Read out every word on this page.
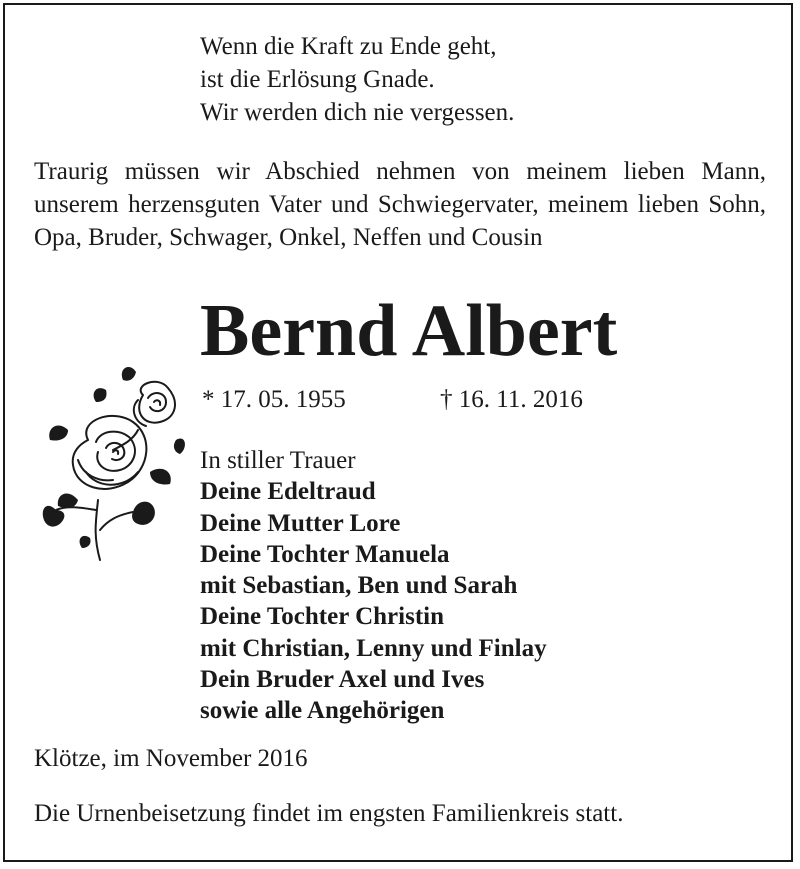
Wenn die Kraft zu Ende geht,
ist die Erlösung Gnade.
Wir werden dich nie vergessen.
Traurig müssen wir Abschied nehmen von meinem lieben Mann, unserem herzensguten Vater und Schwiegervater, meinem lieben Sohn, Opa, Bruder, Schwager, Onkel, Neffen und Cousin
Bernd Albert
* 17. 05. 1955	† 16. 11. 2016
In stiller Trauer
Deine Edeltraud
Deine Mutter Lore
Deine Tochter Manuela
mit Sebastian, Ben und Sarah
Deine Tochter Christin
mit Christian, Lenny und Finlay
Dein Bruder Axel und Ives
sowie alle Angehörigen
Klötze, im November 2016
Die Urnenbeisetzung findet im engsten Familienkreis statt.
